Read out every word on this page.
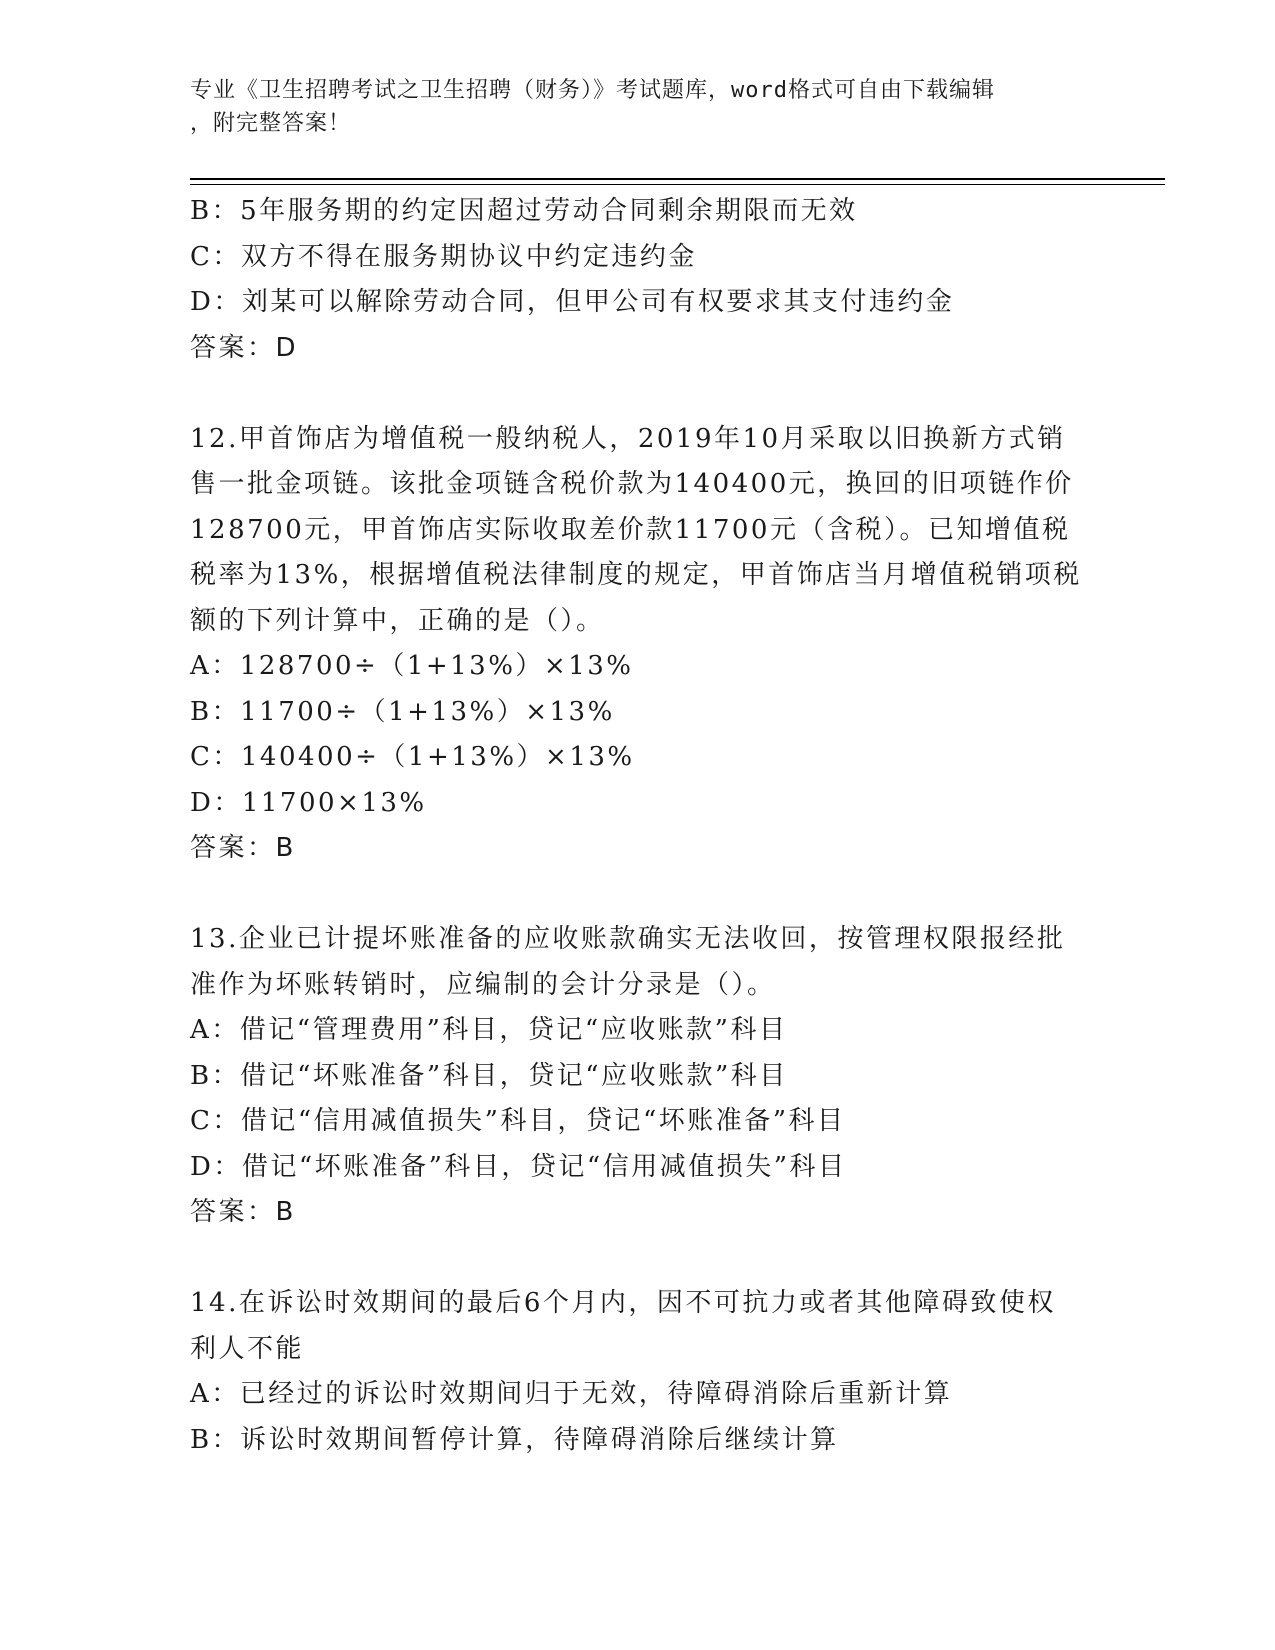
专业《卫生招聘考试之卫生招聘（财务）》考试题库，word格式可自由下载编辑
，附完整答案！
B：5年服务期的约定因超过劳动合同剩余期限而无效
C：双方不得在服务期协议中约定违约金
D：刘某可以解除劳动合同，但甲公司有权要求其支付违约金
答案：D
12.甲首饰店为增值税一般纳税人，2019年10月采取以旧换新方式销
售一批金项链。该批金项链含税价款为140400元，换回的旧项链作价
128700元，甲首饰店实际收取差价款11700元（含税）。已知增值税
税率为13%，根据增值税法律制度的规定，甲首饰店当月增值税销项税
额的下列计算中，正确的是（）。
A：128700÷（1+13%）×13%
B：11700÷（1+13%）×13%
C：140400÷（1+13%）×13%
D：11700×13%
答案：B
13.企业已计提坏账准备的应收账款确实无法收回，按管理权限报经批
准作为坏账转销时，应编制的会计分录是（）。
A：借记“管理费用”科目，贷记“应收账款”科目
B：借记“坏账准备”科目，贷记“应收账款”科目
C：借记“信用减值损失”科目，贷记“坏账准备”科目
D：借记“坏账准备”科目，贷记“信用减值损失”科目
答案：B
14.在诉讼时效期间的最后6个月内，因不可抗力或者其他障碍致使权
利人不能
A：已经过的诉讼时效期间归于无效，待障碍消除后重新计算
B：诉讼时效期间暂停计算，待障碍消除后继续计算
